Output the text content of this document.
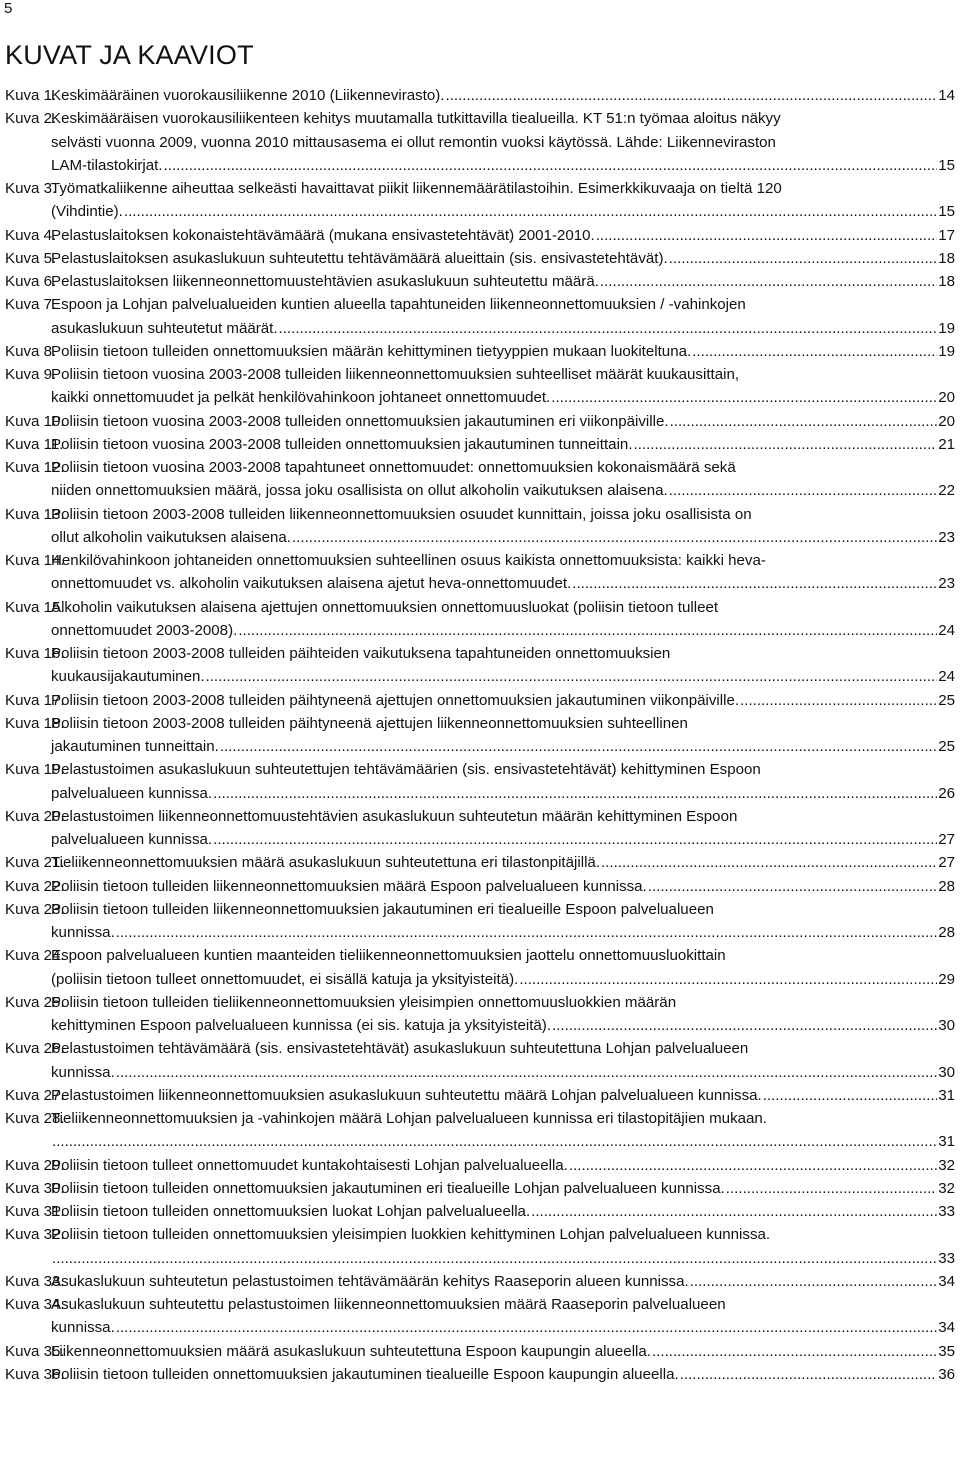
5
KUVAT JA KAAVIOT
Kuva 1.
Keskimääräinen vuorokausiliikenne 2010 (Liikennevirasto). .....	14
Kuva 2.
Keskimääräisen vuorokausiliikenteen kehitys muutamalla tutkittavilla tiealueilla. KT 51:n työmaa aloitus näkyy
selvästi vuonna 2009, vuonna 2010 mittausasema ei ollut remontin vuoksi käytössä. Lähde: Liikenneviraston
LAM-tilastokirjat. .....	15
Kuva 3.
Työmatkaliikenne aiheuttaa selkeästi havaittavat piikit liikennemäärätilastoihin. Esimerkkikuvaaja on tieltä 120
(Vihdintie). .....	15
Kuva 4.
Pelastuslaitoksen kokonaistehtävämäärä (mukana ensivastetehtävät) 2001-2010. .....	17
Kuva 5.
Pelastuslaitoksen asukaslukuun suhteutettu tehtävämäärä alueittain (sis. ensivastetehtävät). .....	18
Kuva 6.
Pelastuslaitoksen liikenneonnettomuustehtävien asukaslukuun suhteutettu määrä. .....	18
Kuva 7.
Espoon ja Lohjan palvelualueiden kuntien alueella tapahtuneiden liikenneonnettomuuksien / -vahinkojen
asukaslukuun suhteutetut määrät. .....	19
Kuva 8.
Poliisin tietoon tulleiden onnettomuuksien määrän kehittyminen tietyyppien mukaan luokiteltuna. .....	19
Kuva 9.
Poliisin tietoon vuosina 2003-2008 tulleiden liikenneonnettomuuksien suhteelliset määrät kuukausittain,
kaikki onnettomuudet ja pelkät henkilövahinkoon johtaneet onnettomuudet. .....	20
Kuva 10.
Poliisin tietoon vuosina 2003-2008 tulleiden onnettomuuksien jakautuminen eri viikonpäiville. .....	20
Kuva 11.
Poliisin tietoon vuosina 2003-2008 tulleiden onnettomuuksien jakautuminen tunneittain. .....	21
Kuva 12.
Poliisin tietoon vuosina 2003-2008 tapahtuneet onnettomuudet: onnettomuuksien kokonaismäärä sekä
niiden onnettomuuksien määrä, jossa joku osallisista on ollut alkoholin vaikutuksen alaisena. .....	22
Kuva 13.
Poliisin tietoon 2003-2008 tulleiden liikenneonnettomuuksien osuudet kunnittain, joissa joku osallisista on
ollut alkoholin vaikutuksen alaisena. .....	23
Kuva 14.
Henkilövahinkoon johtaneiden onnettomuuksien suhteellinen osuus kaikista onnettomuuksista: kaikki heva-
onnettomuudet vs. alkoholin vaikutuksen alaisena ajetut heva-onnettomuudet. .....	23
Kuva 15.
Alkoholin vaikutuksen alaisena ajettujen onnettomuuksien onnettomuusluokat (poliisin tietoon tulleet
onnettomuudet 2003-2008). .....	24
Kuva 16.
Poliisin tietoon 2003-2008 tulleiden päihteiden vaikutuksena tapahtuneiden onnettomuuksien
kuukausijakautuminen. .....	24
Kuva 17.
Poliisin tietoon 2003-2008 tulleiden päihtyneenä ajettujen onnettomuuksien jakautuminen viikonpäiville. .....	25
Kuva 18.
Poliisin tietoon 2003-2008 tulleiden päihtyneenä ajettujen liikenneonnettomuuksien suhteellinen
jakautuminen tunneittain. .....	25
Kuva 19.
Pelastustoimen asukaslukuun suhteutettujen tehtävämäärien (sis. ensivastetehtävät) kehittyminen Espoon
palvelualueen kunnissa. .....	26
Kuva 20.
Pelastustoimen liikenneonnettomuustehtävien asukaslukuun suhteutetun määrän kehittyminen Espoon
palvelualueen kunnissa. .....	27
Kuva 21.
Tieliikenneonnettomuuksien määrä asukaslukuun suhteutettuna eri tilastonpitäjillä. .....	27
Kuva 22.
Poliisin tietoon tulleiden liikenneonnettomuuksien määrä Espoon palvelualueen kunnissa. .....	28
Kuva 23.
Poliisin tietoon tulleiden liikenneonnettomuuksien jakautuminen eri tiealueille Espoon palvelualueen
kunnissa. .....	28
Kuva 24.
Espoon palvelualueen kuntien maanteiden tieliikenneonnettomuuksien jaottelu onnettomuusluokittain
(poliisin tietoon tulleet onnettomuudet, ei sisällä katuja ja yksityisteitä). .....	29
Kuva 25.
Poliisin tietoon tulleiden tieliikenneonnettomuuksien yleisimpien onnettomuusluokkien määrän
kehittyminen Espoon palvelualueen kunnissa (ei sis. katuja ja yksityisteitä). .....	30
Kuva 26.
Pelastustoimen tehtävämäärä (sis. ensivastetehtävät) asukaslukuun suhteutettuna Lohjan palvelualueen
kunnissa. .....	30
Kuva 27.
Pelastustoimen liikenneonnettomuuksien asukaslukuun suhteutettu määrä Lohjan palvelualueen kunnissa. .....	31
Kuva 28.
Tieliikenneonnettomuuksien ja -vahinkojen määrä Lohjan palvelualueen kunnissa eri tilastopitäjien mukaan.
.....
31
Kuva 29.
Poliisin tietoon tulleet onnettomuudet kuntakohtaisesti Lohjan palvelualueella. .....	32
Kuva 30.
Poliisin tietoon tulleiden onnettomuuksien jakautuminen eri tiealueille Lohjan palvelualueen kunnissa. .....	32
Kuva 31.
Poliisin tietoon tulleiden onnettomuuksien luokat Lohjan palvelualueella. .....	33
Kuva 32.
Poliisin tietoon tulleiden onnettomuuksien yleisimpien luokkien kehittyminen Lohjan palvelualueen kunnissa.
.....
33
Kuva 33.
Asukaslukuun suhteutetun pelastustoimen tehtävämäärän kehitys Raaseporin alueen kunnissa. .....	34
Kuva 34.
Asukaslukuun suhteutettu pelastustoimen liikenneonnettomuuksien määrä Raaseporin palvelualueen
kunnissa. .....	34
Kuva 35.
Liikenneonnettomuuksien määrä asukaslukuun suhteutettuna Espoon kaupungin alueella. .....	35
Kuva 36.
Poliisin tietoon tulleiden onnettomuuksien jakautuminen tiealueille Espoon kaupungin alueella. .....	36
